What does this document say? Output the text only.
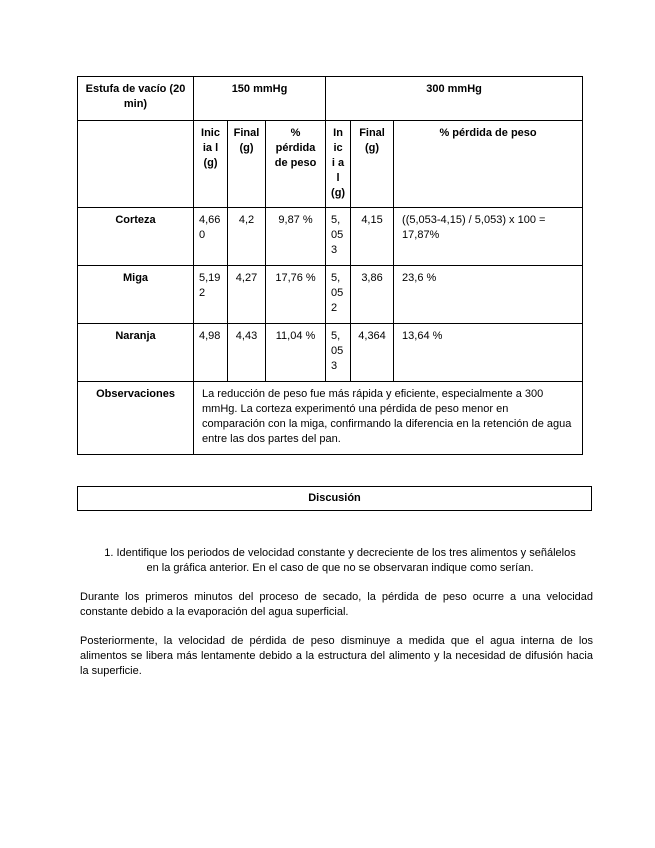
Estufa de vacío (20 min)	150 mmHg			300 mmHg		
	Inic ia l (g)	Final (g)	% pérdida de peso	In ic i al (g)	Final (g)	% pérdida de peso
Corteza	4,660	4,2	9,87 %	5,053	4,15	((5,053-4,15) / 5,053) x 100 = 17,87%
Miga	5,192	4,27	17,76 %	5,052	3,86	23,6 %
Naranja	4,98	4,43	11,04 %	5,053	4,364	13,64 %
Observaciones	La reducción de peso fue más rápida y eficiente, especialmente a 300 mmHg. La corteza experimentó una pérdida de peso menor en comparación con la miga, confirmando la diferencia en la retención de agua entre las dos partes del pan.					
Discusión
1. Identifique los periodos de velocidad constante y decreciente de los tres alimentos y señálelos en la gráfica anterior. En el caso de que no se observaran indique como serían.
Durante los primeros minutos del proceso de secado, la pérdida de peso ocurre a una velocidad constante debido a la evaporación del agua superficial.
Posteriormente, la velocidad de pérdida de peso disminuye a medida que el agua interna de los alimentos se libera más lentamente debido a la estructura del alimento y la necesidad de difusión hacia la superficie.
